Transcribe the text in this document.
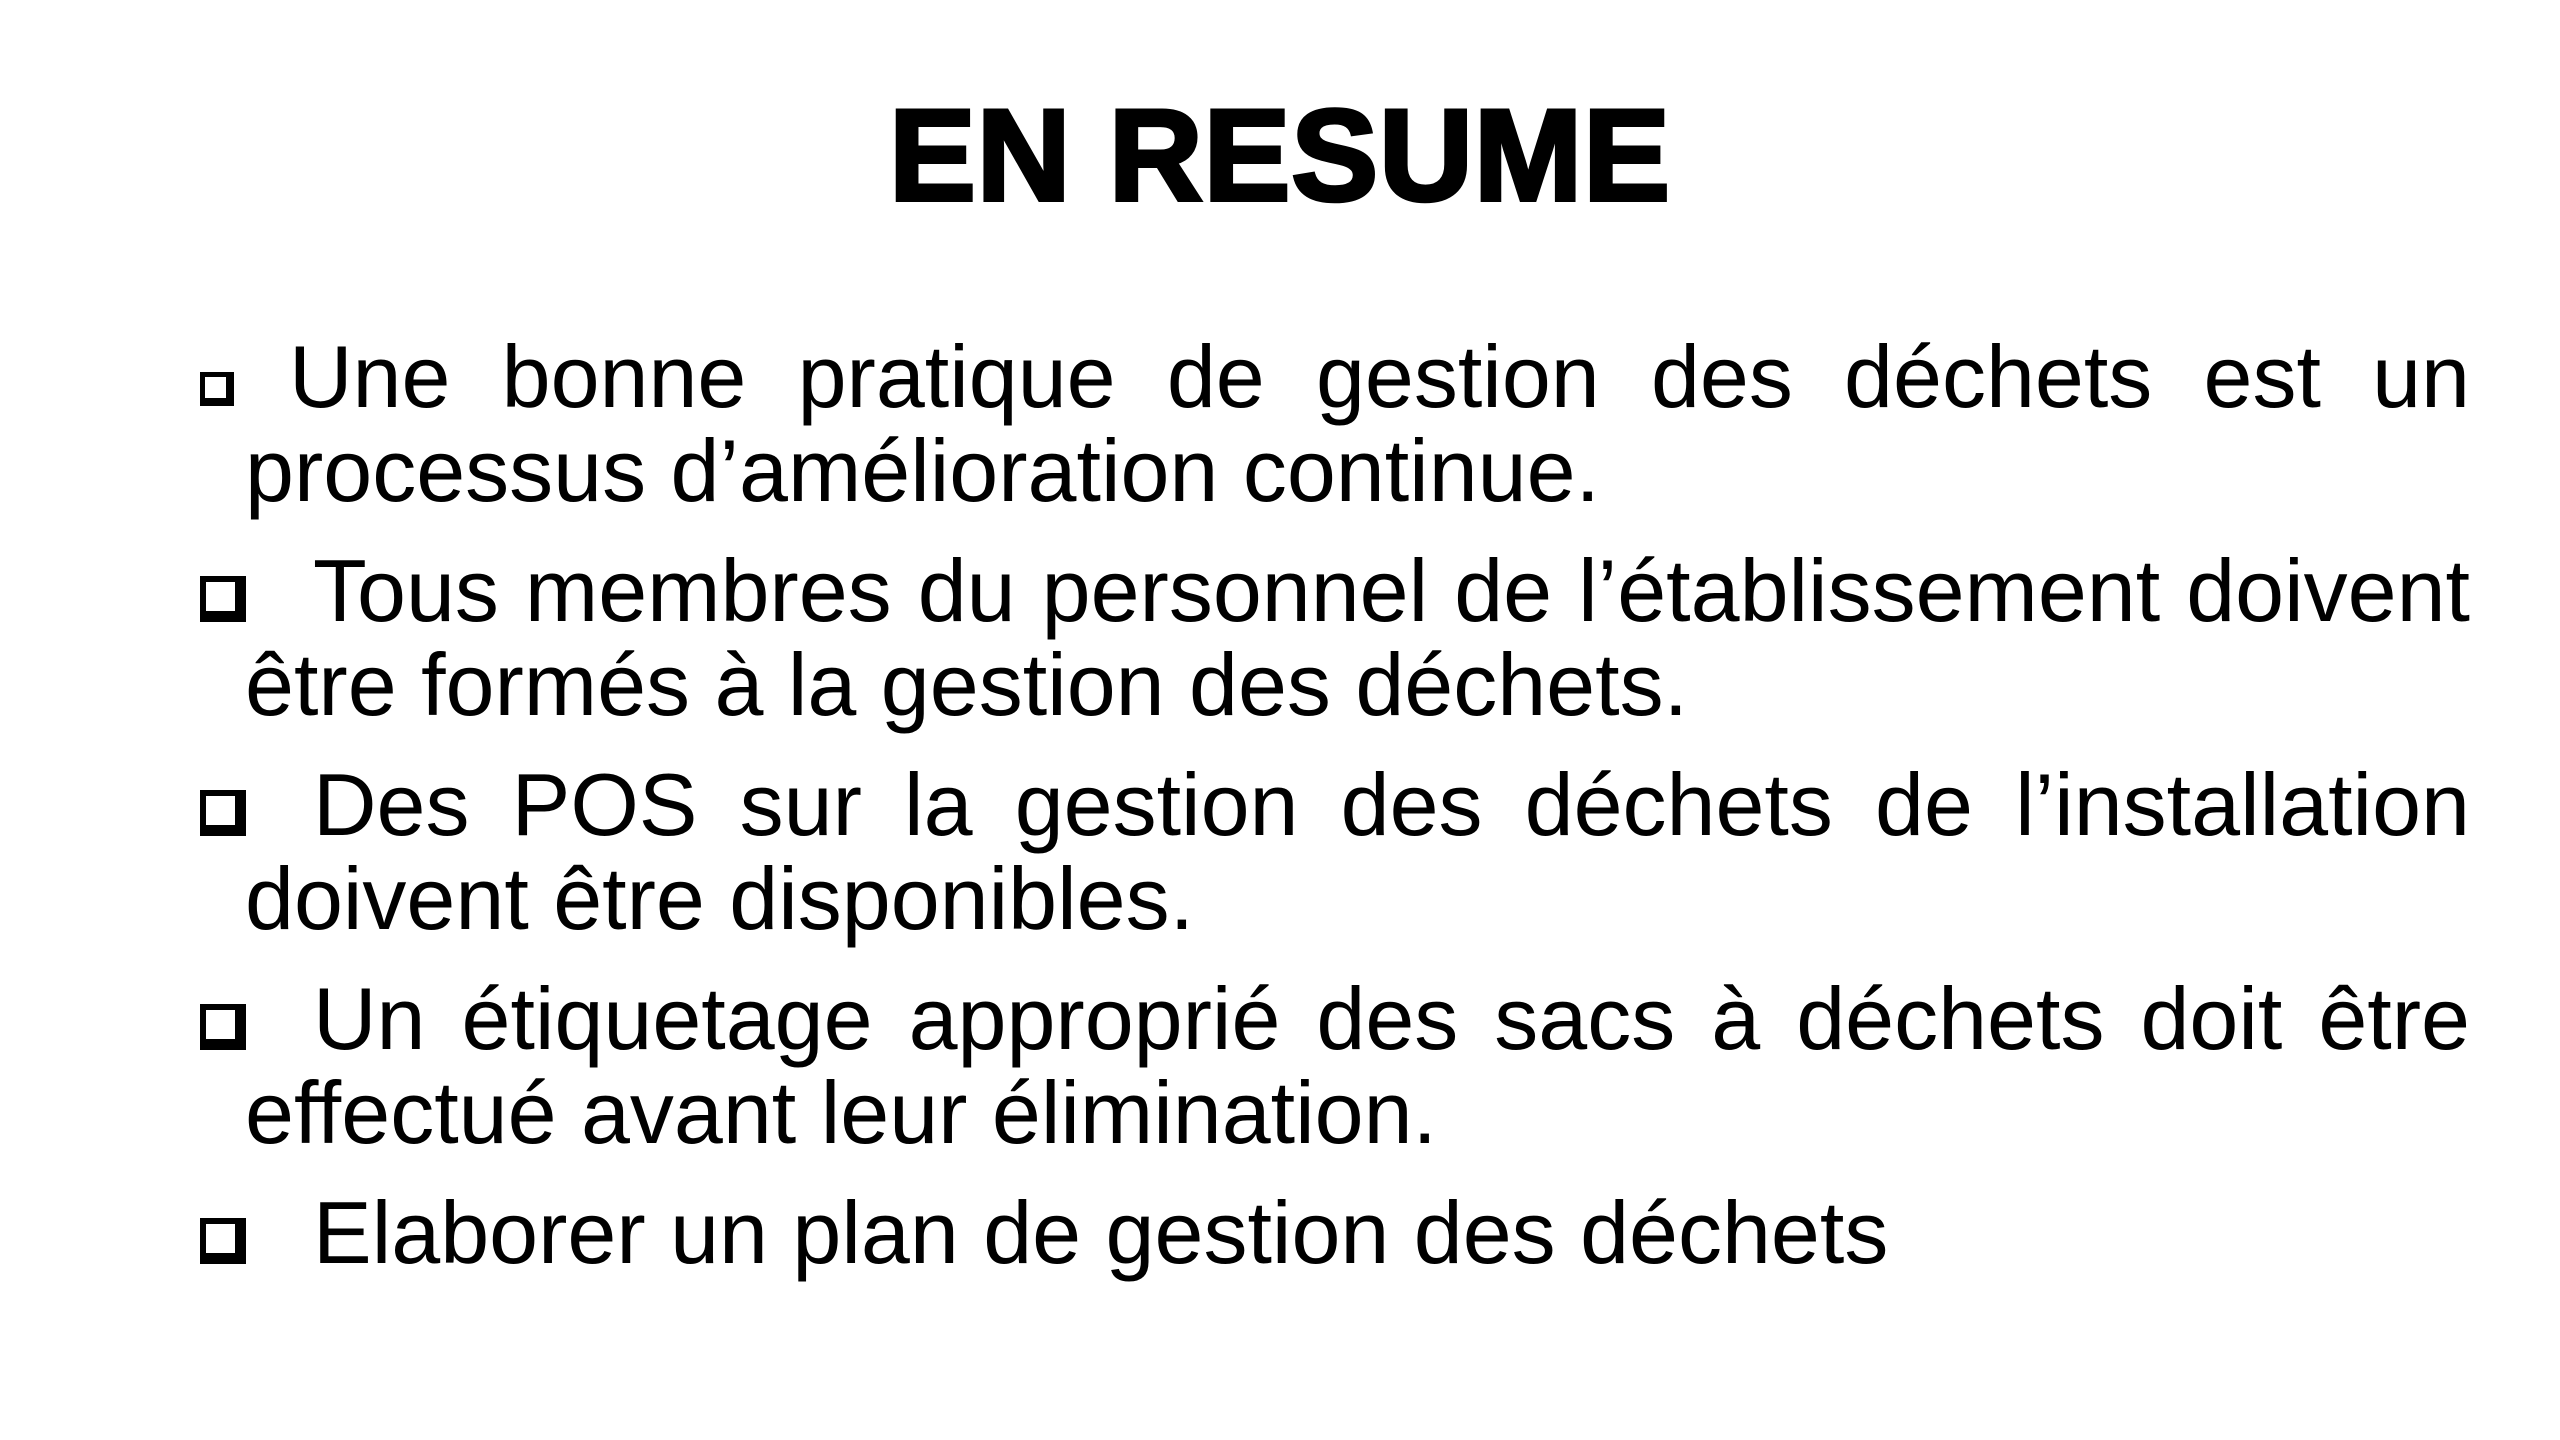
EN RESUME
Une bonne pratique de gestion des déchets est un processus d’amélioration continue.
Tous membres du personnel de l’établissement doivent être formés à la gestion des déchets.
Des POS sur la gestion des déchets de l’installation doivent être disponibles.
Un étiquetage approprié des sacs à déchets doit être effectué avant leur élimination.
Elaborer un plan de gestion des déchets
